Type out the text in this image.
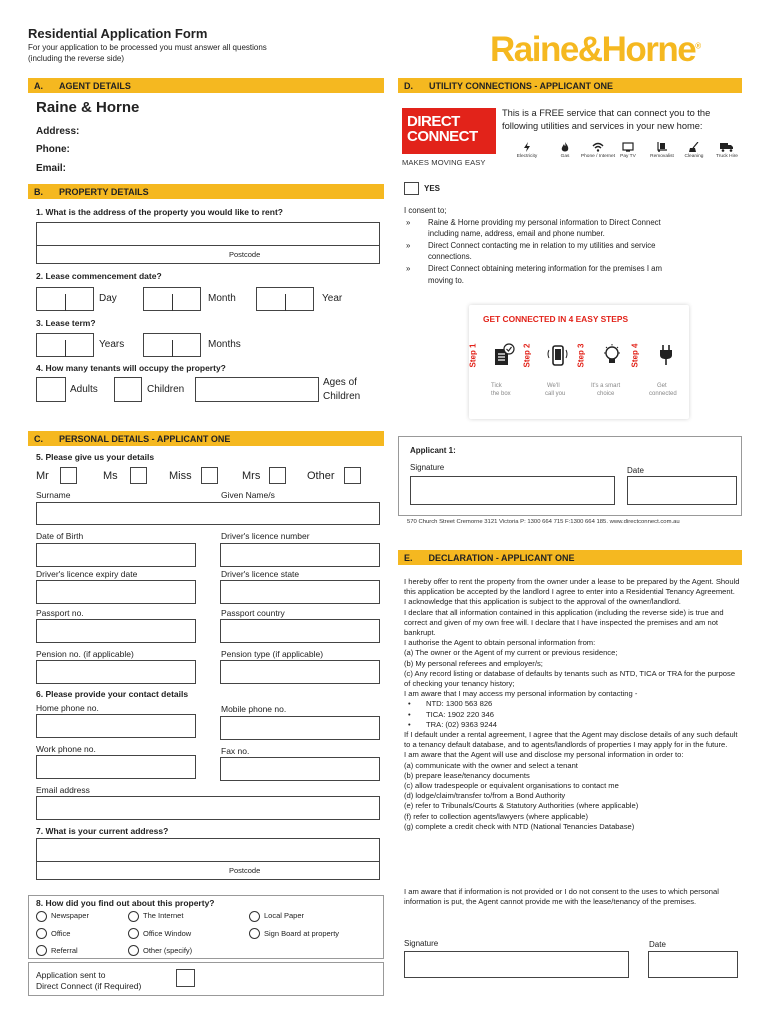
Residential Application Form
For your application to be processed you must answer all questions
(including the reverse side)	Raine&Horne®
A. AGENT DETAILS
Raine & Horne
Address:
Phone:
Email:
B. PROPERTY DETAILS
1. What is the address of the property you would like to rent?
Postcode
2. Lease commencement date?
Day	Month	Year
3. Lease term?
Years	Months
4. How many tenants will occupy the property?
Adults	Children
Ages of
Children
C. PERSONAL DETAILS - APPLICANT ONE
5. Please give us your details
Mr	Ms	Miss	Mrs	Other
Surname	Given Name/s
Date of Birth	Driver's licence number
Driver's licence expiry date	Driver's licence state
Passport no.	Passport country
Pension no. (if applicable)	Pension type (if applicable)
6. Please provide your contact details
Home phone no.	Mobile phone no.
Work phone no.	Fax no.
Email address
7. What is your current address?
Postcode
8. How did you find out about this property?
Newspaper	The Internet	Local Paper
Office	Office Window	Sign Board at property
Referral	Other (specify)
Application sent to
Direct Connect (if Required)
D. UTILITY CONNECTIONS - APPLICANT ONE
DIRECT
CONNECT
MAKES MOVING EASY
This is a FREE service that can connect you to the
following utilities and services in your new home:
Electricity	Gas	Phone / Internet	Pay TV	Removalist	Cleaning	Truck Hire
YES

I consent to;

» Raine & Horne providing my personal information to Direct Connect
including name, address, email and phone number.

» Direct Connect contacting me in relation to my utilities and service
connections.

» Direct Connect obtaining metering information for the premises I am
moving to.

GET CONNECTED IN 4 EASY STEPS
Step 1
Tick
the box
Step 2
We'll
call you
Step 3
It's a smart
choice
Step 4
Get
connected
Applicant 1:
Signature	Date
570 Church Street Cremorne 3121 Victoria P: 1300 664 715 F:1300 664 185. www.directconnect.com.au
E. DECLARATION - APPLICANT ONE

I hereby offer to rent the property from the owner under a lease to be prepared by the Agent. Should this application be accepted by the landlord I agree to enter into a Residential Tenancy Agreement.

I acknowledge that this application is subject to the approval of the owner/landlord.

I declare that all information contained in this application (including the reverse side) is true and correct and given of my own free will. I declare that I have inspected the premises and am not bankrupt.

I authorise the Agent to obtain personal information from:

(a) The owner or the Agent of my current or previous residence;

(b) My personal referees and employer/s;

(c) Any record listing or database of defaults by tenants such as NTD, TICA or TRA for the purpose of checking your tenancy history;

I am aware that I may access my personal information by contacting -

• NTD: 1300 563 826

• TICA: 1902 220 346

• TRA: (02) 9363 9244

If I default under a rental agreement, I agree that the Agent may disclose details of any such default to a tenancy default database, and to agents/landlords of properties I may apply for in the future.

I am aware that the Agent will use and disclose my personal information in order to:

(a) communicate with the owner and select a tenant

(b) prepare lease/tenancy documents

(c) allow tradespeople or equivalent organisations to contact me

(d) lodge/claim/transfer to/from a Bond Authority

(e) refer to Tribunals/Courts & Statutory Authorities (where applicable)

(f) refer to collection agents/lawyers (where applicable)

(g) complete a credit check with NTD (National Tenancies Database)

I am aware that if information is not provided or I do not consent to the uses to which personal information is put, the Agent cannot provide me with the lease/tenancy of the premises.

Signature	Date
